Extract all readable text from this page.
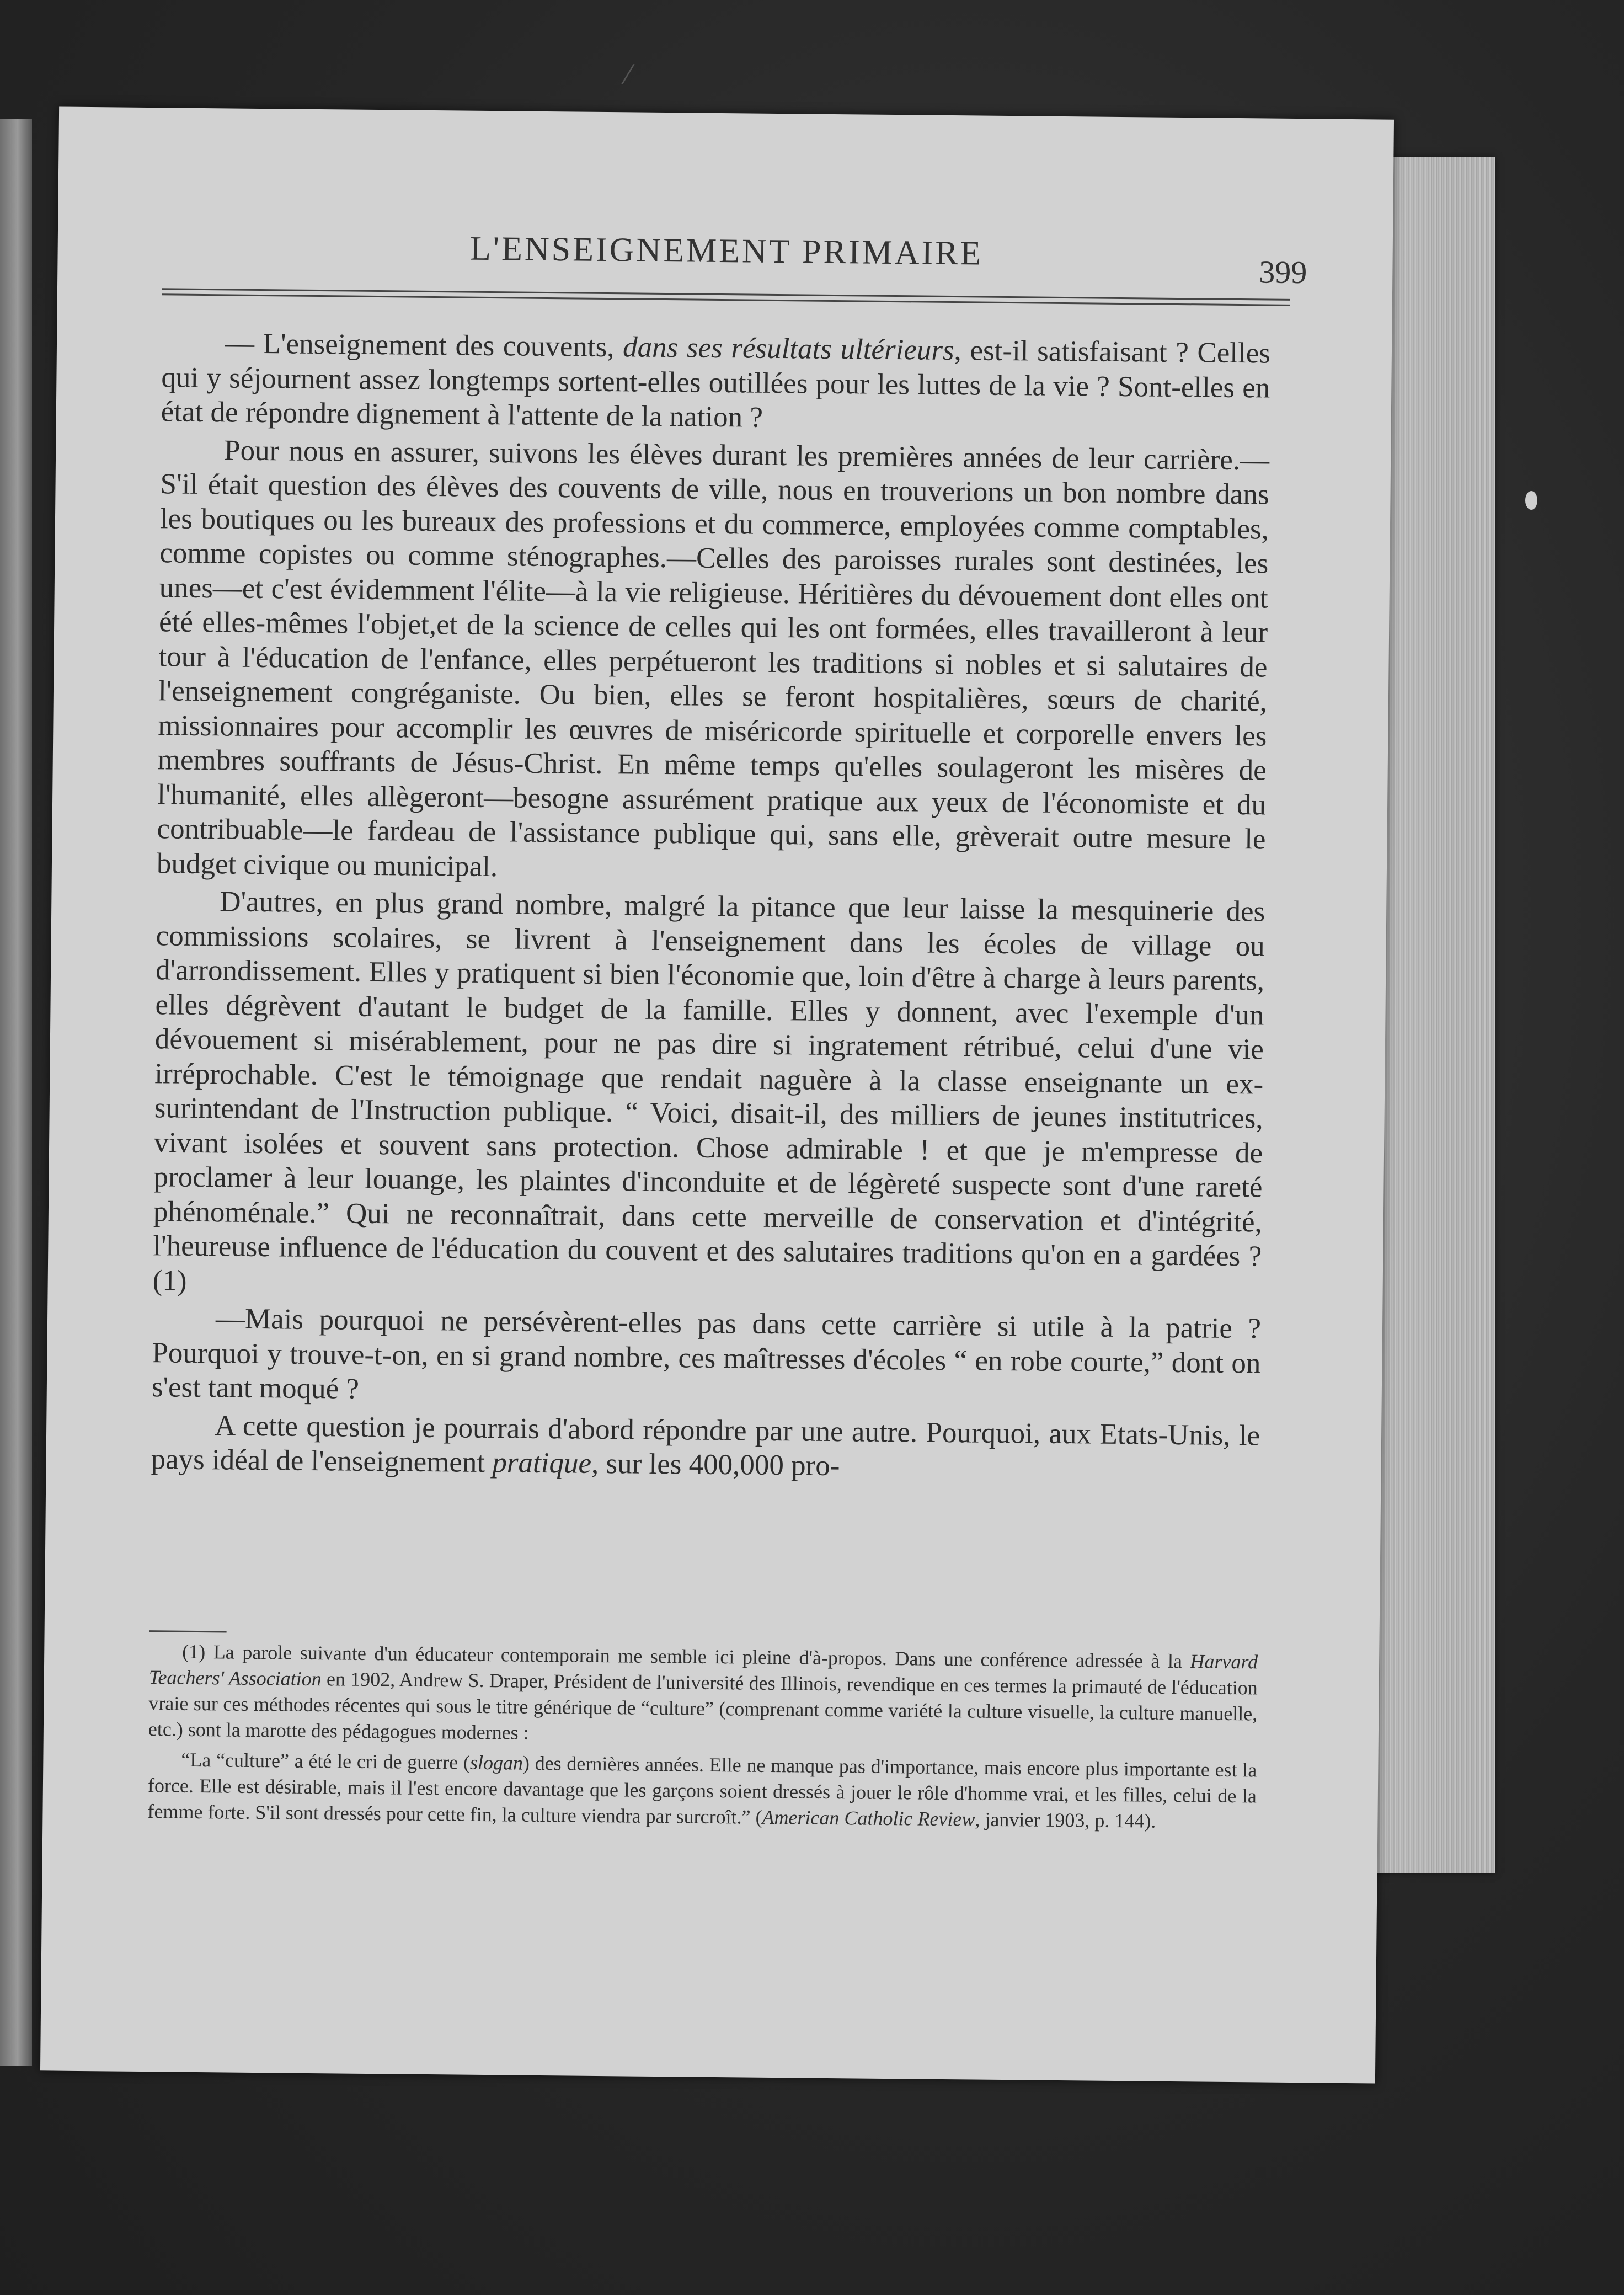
/
L'ENSEIGNEMENT PRIMAIRE	399

— L'enseignement des couvents, dans ses résultats ultérieurs, est-il satisfaisant ? Celles qui y séjournent assez longtemps sortent-elles outillées pour les luttes de la vie ? Sont-elles en état de répondre dignement à l'attente de la nation ?

Pour nous en assurer, suivons les élèves durant les premières années de leur carrière.—S'il était question des élèves des couvents de ville, nous en trouverions un bon nombre dans les boutiques ou les bureaux des professions et du commerce, employées comme comptables, comme copistes ou comme sténographes.—Celles des paroisses rurales sont destinées, les unes—et c'est évidemment l'élite—à la vie religieuse. Héritières du dévouement dont elles ont été elles-mêmes l'objet,et de la science de celles qui les ont formées, elles travailleront à leur tour à l'éducation de l'enfance, elles perpétueront les traditions si nobles et si salutaires de l'enseignement congréganiste. Ou bien, elles se feront hospitalières, sœurs de charité, missionnaires pour accomplir les œuvres de miséricorde spirituelle et corporelle envers les membres souffrants de Jésus-Christ. En même temps qu'elles soulageront les misères de l'humanité, elles allègeront—besogne assurément pratique aux yeux de l'économiste et du contribuable—le fardeau de l'assistance publique qui, sans elle, grèverait outre mesure le budget civique ou municipal.

D'autres, en plus grand nombre, malgré la pitance que leur laisse la mesquinerie des commissions scolaires, se livrent à l'enseignement dans les écoles de village ou d'arrondissement. Elles y pratiquent si bien l'économie que, loin d'être à charge à leurs parents, elles dégrèvent d'autant le budget de la famille. Elles y donnent, avec l'exemple d'un dévouement si misérablement, pour ne pas dire si ingratement rétribué, celui d'une vie irréprochable. C'est le témoignage que rendait naguère à la classe enseignante un ex-surintendant de l'Instruction publique. “ Voici, disait-il, des milliers de jeunes institutrices, vivant isolées et souvent sans protection. Chose admirable ! et que je m'empresse de proclamer à leur louange, les plaintes d'inconduite et de légèreté suspecte sont d'une rareté phénoménale.” Qui ne reconnaîtrait, dans cette merveille de conservation et d'intégrité, l'heureuse influence de l'éducation du couvent et des salutaires traditions qu'on en a gardées ? (1)

—Mais pourquoi ne persévèrent-elles pas dans cette carrière si utile à la patrie ? Pourquoi y trouve-t-on, en si grand nombre, ces maîtresses d'écoles “ en robe courte,” dont on s'est tant moqué ?

A cette question je pourrais d'abord répondre par une autre. Pourquoi, aux Etats-Unis, le pays idéal de l'enseignement pratique, sur les 400,000 pro-

(1) La parole suivante d'un éducateur contemporain me semble ici pleine d'à-propos. Dans une conférence adressée à la Harvard Teachers' Association en 1902, Andrew S. Draper, Président de l'université des Illinois, revendique en ces termes la primauté de l'éducation vraie sur ces méthodes récentes qui sous le titre générique de “culture” (comprenant comme variété la culture visuelle, la culture manuelle, etc.) sont la marotte des pédagogues modernes :

“La “culture” a été le cri de guerre (slogan) des dernières années. Elle ne manque pas d'importance, mais encore plus importante est la force. Elle est désirable, mais il l'est encore davantage que les garçons soient dressés à jouer le rôle d'homme vrai, et les filles, celui de la femme forte. S'il sont dressés pour cette fin, la culture viendra par surcroît.” (American Catholic Review, janvier 1903, p. 144).
